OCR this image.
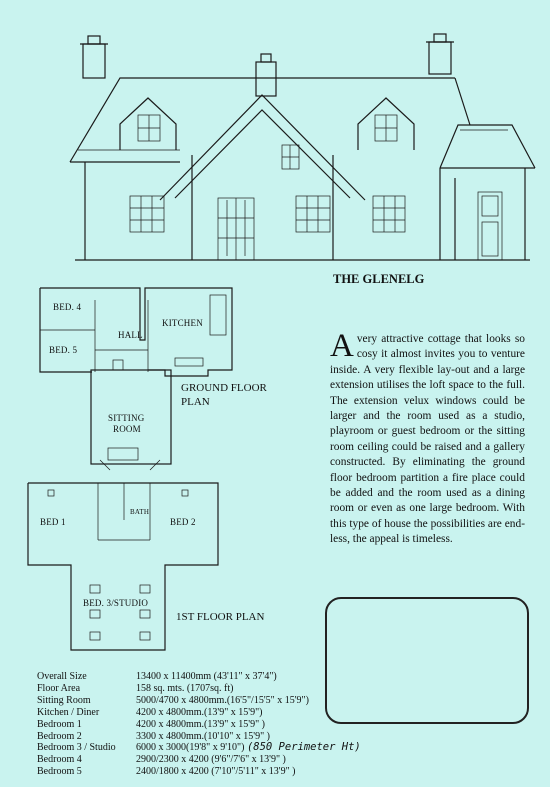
THE GLENELG
BED. 4
BED. 5
HALL
KITCHEN
SITTING
ROOM
GROUND FLOOR
PLAN
BED 1
BATH
BED 2
BED. 3/STUDIO
1ST FLOOR PLAN
Avery attractive cottage that looks so cosy it almost invites you to venture inside. A very flexible lay-out and a large extension utilises the loft space to the full. The extension velux windows could be larger and the room used as a studio, playroom or guest bedroom or the sitting room ceiling could be raised and a gallery constructed. By eliminating the ground floor bedroom partition a fire place could be added and the room used as a dining room or even as one large bedroom. With this type of house the possibilities are end-less, the appeal is timeless.
Overall Size	13400 x 11400mm (43'11" x 37'4")
Floor Area	158 sq. mts. (1707sq. ft)
Sitting Room	5000/4700 x 4800mm.(16'5"/15'5" x 15'9")
Kitchen / Diner	4200 x 4800mm.(13'9" x 15'9")
Bedroom 1	4200 x 4800mm.(13'9" x 15'9" )
Bedroom 2	3300 x 4800mm.(10'10" x 15'9" )
Bedroom 3 / Studio	6000 x 3000(19'8" x 9'10")
(850 Perimeter Ht)
Bedroom 4	2900/2300 x 4200 (9'6"/7'6" x 13'9" )
Bedroom 5	2400/1800 x 4200 (7'10"/5'11" x 13'9" )
